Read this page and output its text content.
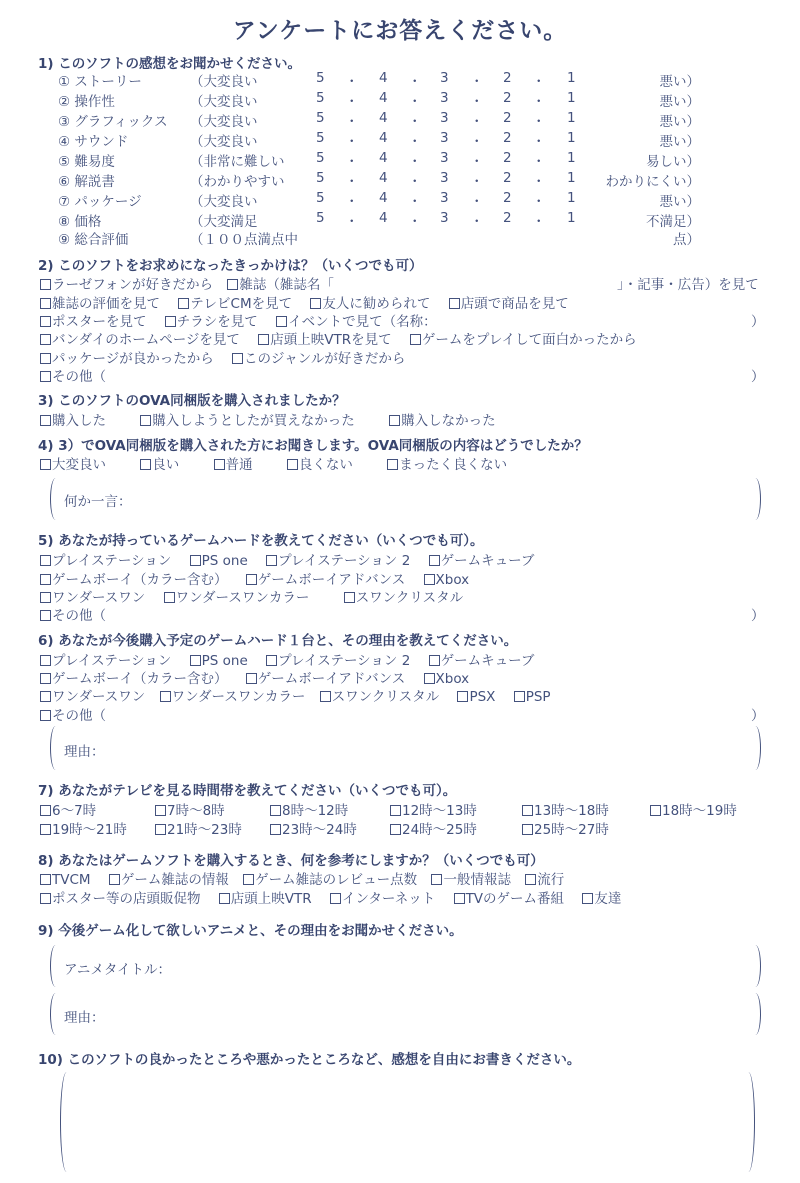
アンケートにお答えください。
1) このソフトの感想をお聞かせください。
① ストーリー	（大変良い	5 ・ 4 ・ 3 ・ 2 ・ 1	悪い）
② 操作性	（大変良い	5 ・ 4 ・ 3 ・ 2 ・ 1	悪い）
③ グラフィックス （大変良い	5 ・ 4 ・ 3 ・ 2 ・ 1	悪い）
④ サウンド	（大変良い	5 ・ 4 ・ 3 ・ 2 ・ 1	悪い）
⑤ 難易度	（非常に難しい 5 ・ 4 ・ 3 ・ 2 ・ 1	易しい）
⑥ 解説書	（わかりやすい 5 ・ 4 ・ 3 ・ 2 ・ 1 わかりにくい）
⑦ パッケージ	（大変良い	5 ・ 4 ・ 3 ・ 2 ・ 1	悪い）
⑧ 価格	（大変満足	5 ・ 4 ・ 3 ・ 2 ・ 1	不満足）
⑨ 総合評価	（１００点満点中	点）
2) このソフトをお求めになったきっかけは？（いくつでも可）
ラーゼフォンが好きだから 雑誌（雑誌名「	」・記事・広告）を見て
雑誌の評価を見て テレビCMを見て 友人に勧められて 店頭で商品を見て
ポスターを見て チラシを見て イベントで見て（名称：	）
バンダイのホームページを見て 店頭上映VTRを見て ゲームをプレイして面白かったから
パッケージが良かったから このジャンルが好きだから
その他（	）
3) このソフトのOVA同梱版を購入されましたか？
購入した	購入しようとしたが買えなかった	購入しなかった
4) 3）でOVA同梱版を購入された方にお聞きします。OVA同梱版の内容はどうでしたか？
大変良い	良い	普通	良くない	まったく良くない
何か一言：
5) あなたが持っているゲームハードを教えてください（いくつでも可）。
プレイステーション PS one プレイステーション 2 ゲームキューブ
ゲームボーイ（カラー含む） ゲームボーイアドバンス Xbox
ワンダースワン ワンダースワンカラー	スワンクリスタル
その他（	）
6) あなたが今後購入予定のゲームハード１台と、その理由を教えてください。
プレイステーション PS one プレイステーション 2 ゲームキューブ
ゲームボーイ（カラー含む） ゲームボーイアドバンス Xbox
ワンダースワン ワンダースワンカラー スワンクリスタル PSX PSP
その他（	）
理由：
7) あなたがテレビを見る時間帯を教えてください（いくつでも可）。
6〜7時	7時〜8時	8時〜12時	12時〜13時	13時〜18時	18時〜19時
19時〜21時	21時〜23時	23時〜24時	24時〜25時	25時〜27時
8) あなたはゲームソフトを購入するとき、何を参考にしますか？（いくつでも可）
TVCM ゲーム雑誌の情報 ゲーム雑誌のレビュー点数 一般情報誌 流行
ポスター等の店頭販促物 店頭上映VTR インターネット TVのゲーム番組 友達
9) 今後ゲーム化して欲しいアニメと、その理由をお聞かせください。
アニメタイトル：
理由：
10) このソフトの良かったところや悪かったところなど、感想を自由にお書きください。
